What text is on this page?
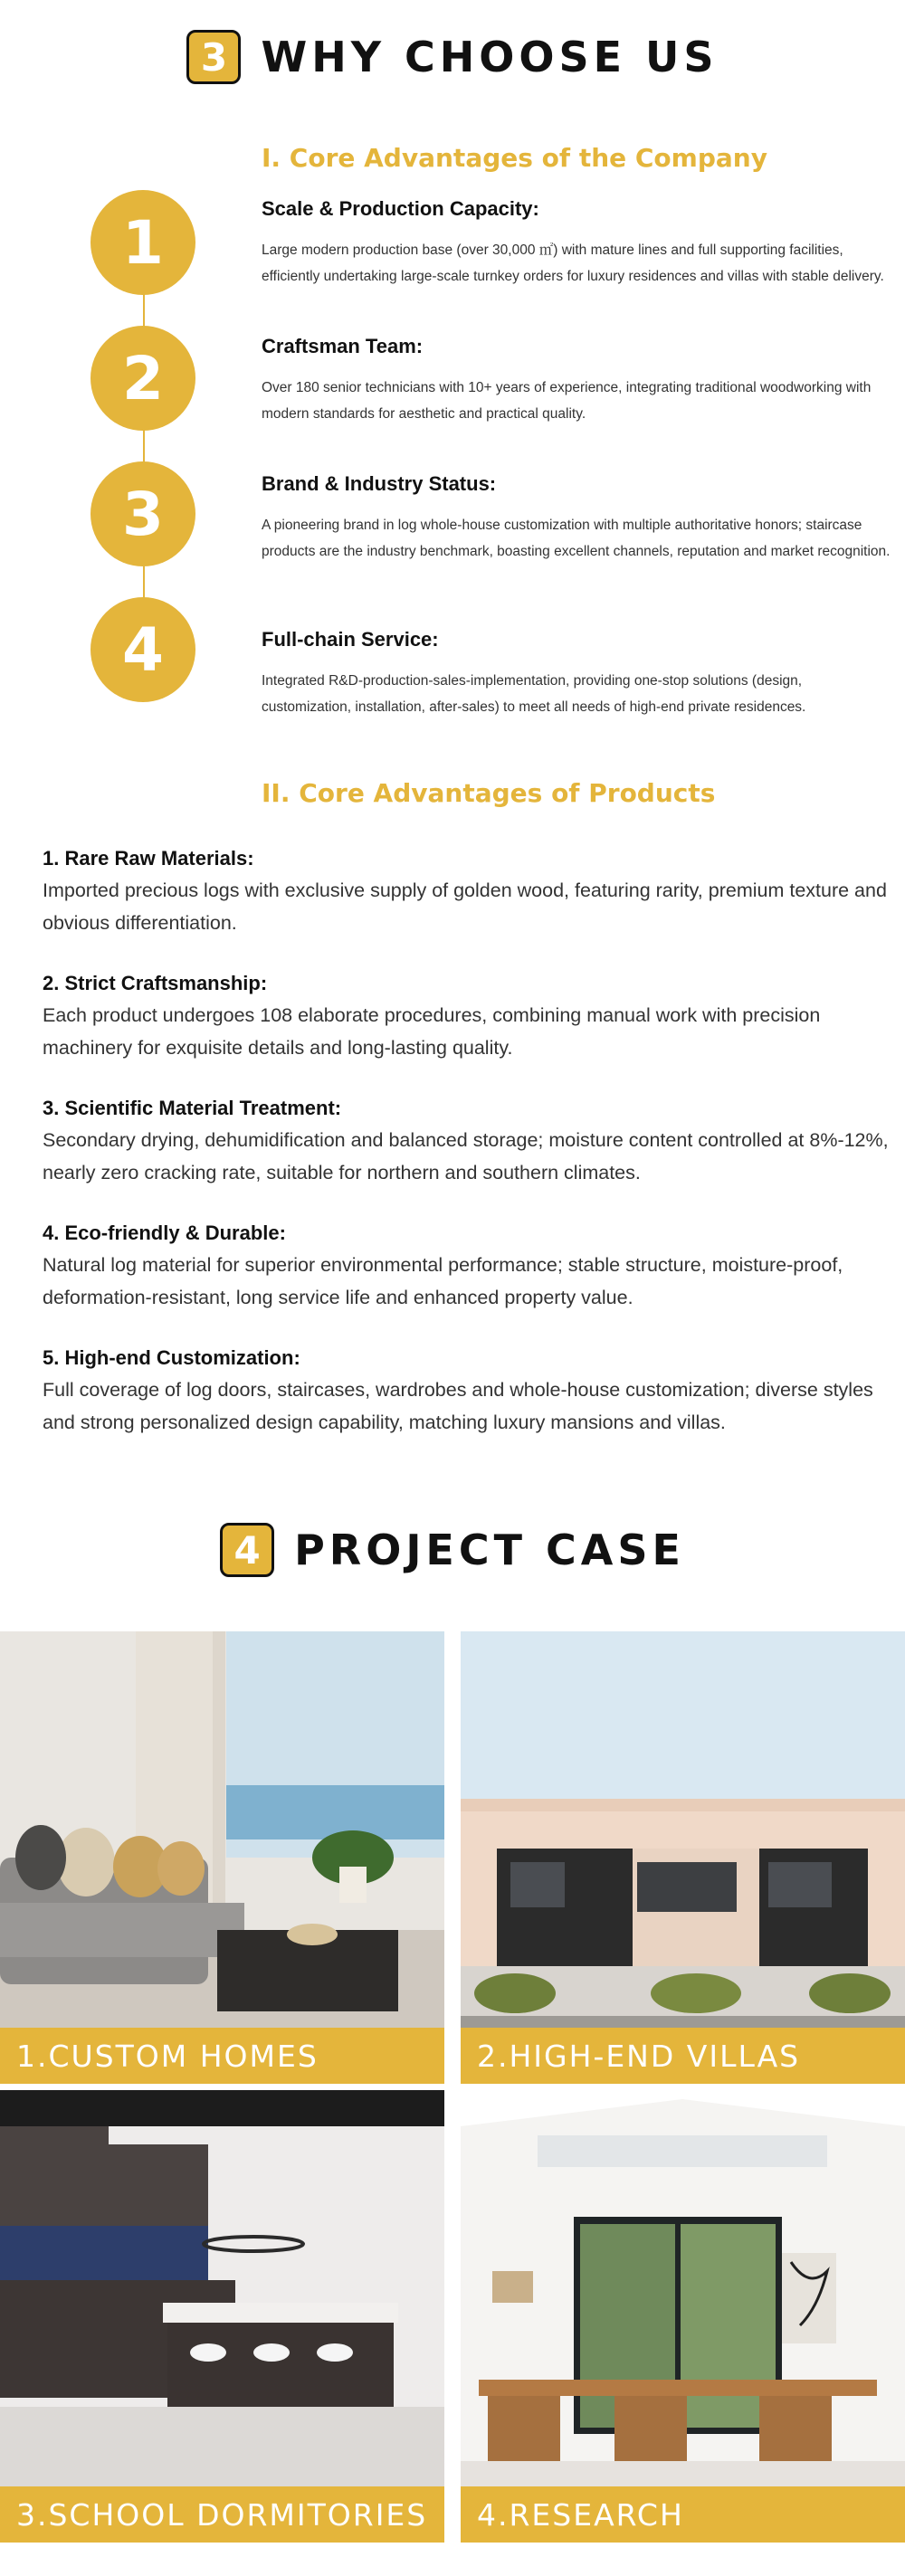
3 WHY CHOOSE US
I. Core Advantages of the Company
1	Scale & Production Capacity:
Large modern production base (over 30,000 ㎡) with mature lines and full supporting facilities, efficiently undertaking large-scale turnkey orders for luxury residences and villas with stable delivery.
2	Craftsman Team:
Over 180 senior technicians with 10+ years of experience, integrating traditional woodworking with modern standards for aesthetic and practical quality.
3	Brand & Industry Status:
A pioneering brand in log whole-house customization with multiple authoritative honors; staircase products are the industry benchmark, boasting excellent channels, reputation and market recognition.
4	Full-chain Service:
Integrated R&D-production-sales-implementation, providing one-stop solutions (design, customization, installation, after-sales) to meet all needs of high-end private residences.
II. Core Advantages of Products
1. Rare Raw Materials:
Imported precious logs with exclusive supply of golden wood, featuring rarity, premium texture and obvious differentiation.
2. Strict Craftsmanship:
Each product undergoes 108 elaborate procedures, combining manual work with precision machinery for exquisite details and long-lasting quality.
3. Scientific Material Treatment:
Secondary drying, dehumidification and balanced storage; moisture content controlled at 8%-12%, nearly zero cracking rate, suitable for northern and southern climates.
4. Eco-friendly & Durable:
Natural log material for superior environmental performance; stable structure, moisture-proof, deformation-resistant, long service life and enhanced property value.
5. High-end Customization:
Full coverage of log doors, staircases, wardrobes and whole-house customization; diverse styles and strong personalized design capability, matching luxury mansions and villas.
4 PROJECT CASE
1.CUSTOM HOMES	2.HIGH-END VILLAS
3.SCHOOL DORMITORIES	4.RESEARCH
